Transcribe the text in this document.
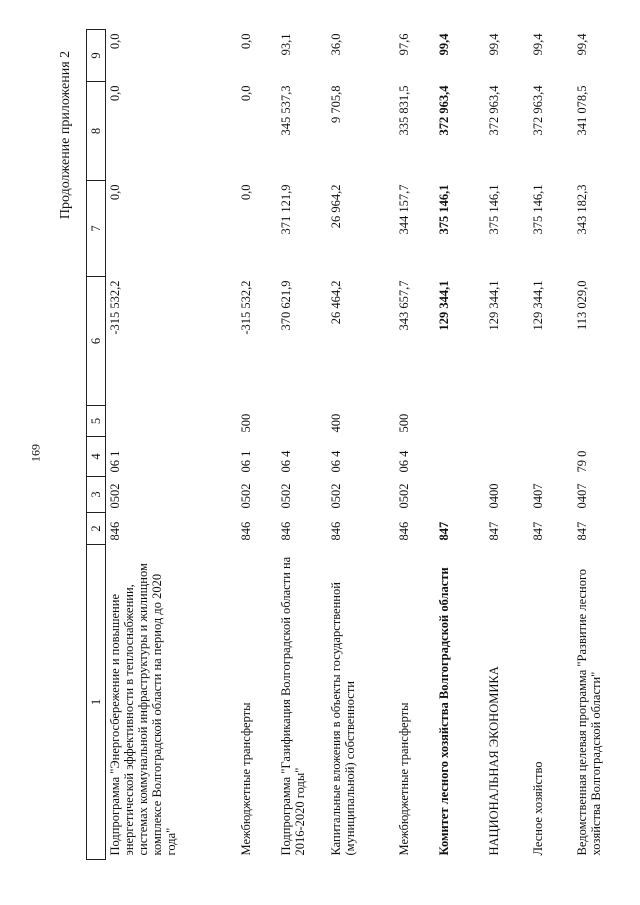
169
Продолжение приложения 2
1	2	3	4	5	6	7	8	9
Подпрограмма "Энергосбережение и повышение энергетической эффективности в теплоснабжении, системах коммунальной инфраструктуры и жилищном комплексе Волгоградской области на период до 2020 года"	846	0502	06 1		-315 532,2	0,0	0,0	0,0
Межбюджетные трансферты	846	0502	06 1	500	-315 532,2	0,0	0,0	0,0
Подпрограмма "Газификация Волгоградской области на 2016-2020 годы"	846	0502	06 4		370 621,9	371 121,9	345 537,3	93,1
Капитальные вложения в объекты государственной (муниципальной) собственности	846	0502	06 4	400	26 464,2	26 964,2	9 705,8	36,0
Межбюджетные трансферты	846	0502	06 4	500	343 657,7	344 157,7	335 831,5	97,6
Комитет лесного хозяйства Волгоградской области	847				129 344,1	375 146,1	372 963,4	99,4
НАЦИОНАЛЬНАЯ ЭКОНОМИКА	847	0400			129 344,1	375 146,1	372 963,4	99,4
Лесное хозяйство	847	0407			129 344,1	375 146,1	372 963,4	99,4
Ведомственная целевая программа "Развитие лесного хозяйства Волгоградской области"	847	0407	79 0		113 029,0	343 182,3	341 078,5	99,4
